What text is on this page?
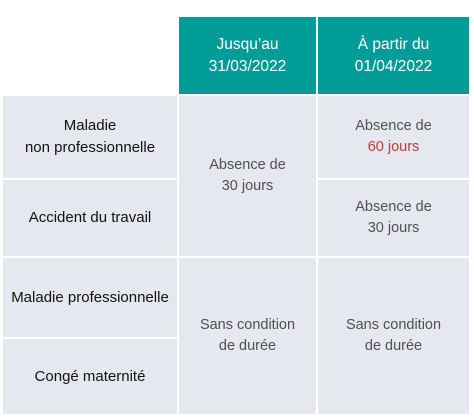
Jusqu’au
31/03/2022
À partir du
01/04/2022
Maladie
non professionnelle
Accident du travail
Maladie professionnelle
Congé maternité
Absence de
30 jours
Sans condition
de durée
Absence de
60 jours
Absence de
30 jours
Sans condition
de durée
